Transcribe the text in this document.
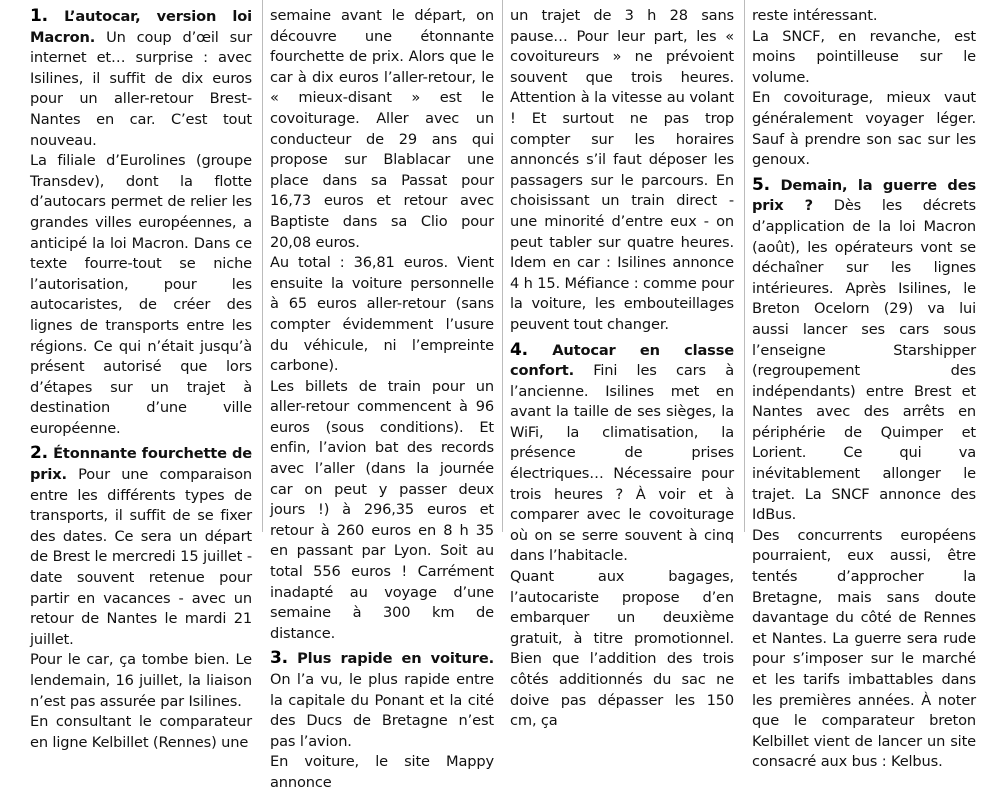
1. L’autocar, version loi Macron. Un coup d’œil sur internet et… surprise : avec Isilines, il suffit de dix euros pour un aller-retour Brest-Nantes en car. C’est tout nouveau.

La filiale d’Eurolines (groupe Transdev), dont la flotte d’autocars permet de relier les grandes villes européennes, a anticipé la loi Macron. Dans ce texte fourre-tout se niche l’autorisation, pour les autocaristes, de créer des lignes de transports entre les régions. Ce qui n’était jusqu’à présent autorisé que lors d’étapes sur un trajet à destination d’une ville européenne.

2. Étonnante fourchette de prix. Pour une comparaison entre les différents types de transports, il suffit de se fixer des dates. Ce sera un départ de Brest le mercredi 15 juillet - date souvent retenue pour partir en vacances - avec un retour de Nantes le mardi 21 juillet.

Pour le car, ça tombe bien. Le lendemain, 16 juillet, la liaison n’est pas assurée par Isilines.

En consultant le comparateur en ligne Kelbillet (Rennes) une

semaine avant le départ, on découvre une étonnante fourchette de prix. Alors que le car à dix euros l’aller-retour, le « mieux-disant » est le covoiturage. Aller avec un conducteur de 29 ans qui propose sur Blablacar une place dans sa Passat pour 16,73 euros et retour avec Baptiste dans sa Clio pour 20,08 euros.

Au total : 36,81 euros. Vient ensuite la voiture personnelle à 65 euros aller-retour (sans compter évidemment l’usure du véhicule, ni l’empreinte carbone).

Les billets de train pour un aller-retour commencent à 96 euros (sous conditions). Et enfin, l’avion bat des records avec l’aller (dans la journée car on peut y passer deux jours !) à 296,35 euros et retour à 260 euros en 8 h 35 en passant par Lyon. Soit au total 556 euros ! Carrément inadapté au voyage d’une semaine à 300 km de distance.

3. Plus rapide en voiture. On l’a vu, le plus rapide entre la capitale du Ponant et la cité des Ducs de Bretagne n’est pas l’avion.

En voiture, le site Mappy annonce

un trajet de 3 h 28 sans pause… Pour leur part, les « covoitureurs » ne prévoient souvent que trois heures. Attention à la vitesse au volant ! Et surtout ne pas trop compter sur les horaires annoncés s’il faut déposer les passagers sur le parcours. En choisissant un train direct - une minorité d’entre eux - on peut tabler sur quatre heures. Idem en car : Isilines annonce 4 h 15. Méfiance : comme pour la voiture, les embouteillages peuvent tout changer.

4. Autocar en classe confort. Fini les cars à l’ancienne. Isilines met en avant la taille de ses sièges, la WiFi, la climatisation, la présence de prises électriques… Nécessaire pour trois heures ? À voir et à comparer avec le covoiturage où on se serre souvent à cinq dans l’habitacle.

Quant aux bagages, l’autocariste propose d’en embarquer un deuxième gratuit, à titre promotionnel. Bien que l’addition des trois côtés additionnés du sac ne doive pas dépasser les 150 cm, ça

reste intéressant.

La SNCF, en revanche, est moins pointilleuse sur le volume.

En covoiturage, mieux vaut généralement voyager léger. Sauf à prendre son sac sur les genoux.

5. Demain, la guerre des prix ? Dès les décrets d’application de la loi Macron (août), les opérateurs vont se déchaîner sur les lignes intérieures. Après Isilines, le Breton Ocelorn (29) va lui aussi lancer ses cars sous l’enseigne Starshipper (regroupement des indépendants) entre Brest et Nantes avec des arrêts en périphérie de Quimper et Lorient. Ce qui va inévitablement allonger le trajet. La SNCF annonce des IdBus.

Des concurrents européens pourraient, eux aussi, être tentés d’approcher la Bretagne, mais sans doute davantage du côté de Rennes et Nantes. La guerre sera rude pour s’imposer sur le marché et les tarifs imbattables dans les premières années. À noter que le comparateur breton Kelbillet vient de lancer un site consacré aux bus : Kelbus.
